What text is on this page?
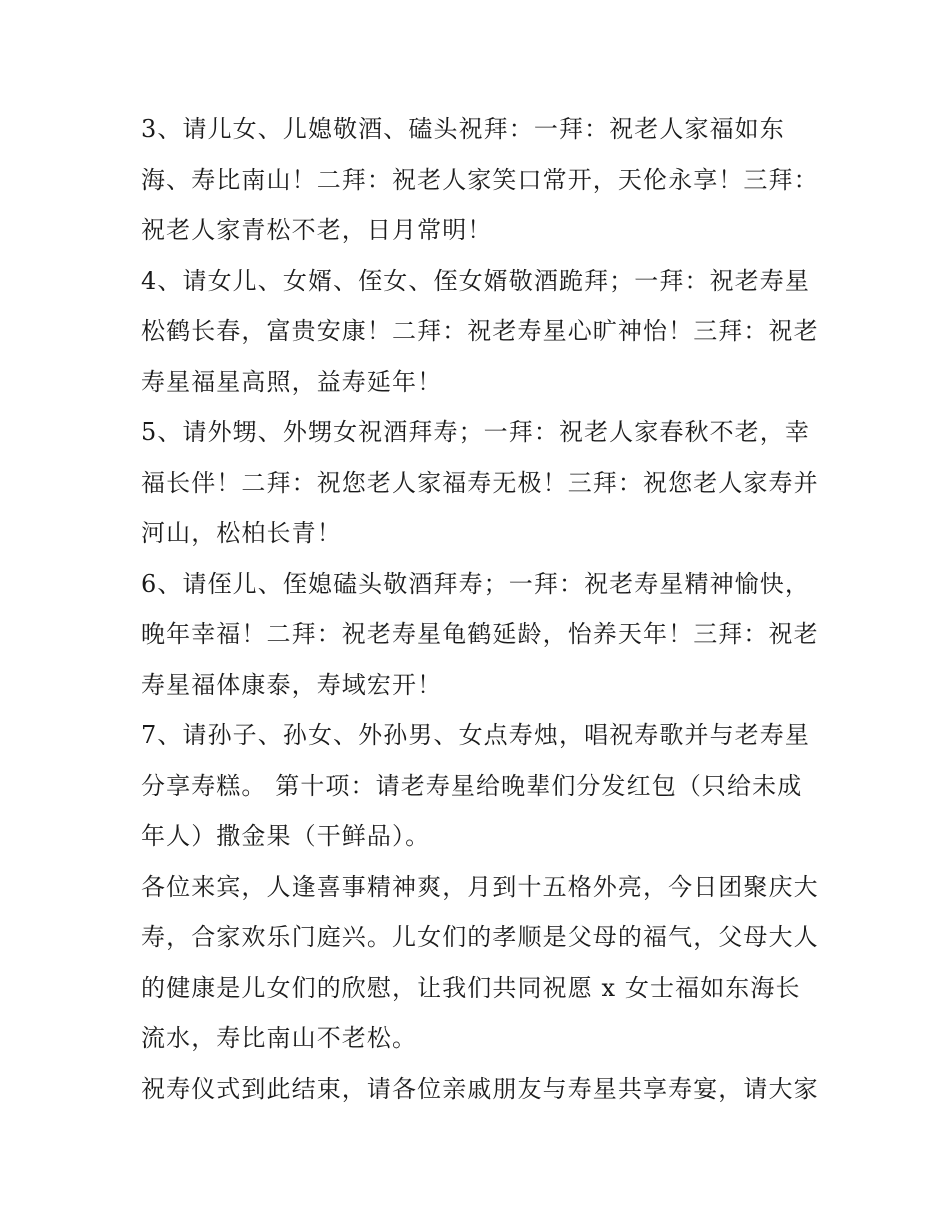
3、请儿女、儿媳敬酒、磕头祝拜：一拜：祝老人家福如东海、寿比南山！二拜：祝老人家笑口常开，天伦永享！三拜：祝老人家青松不老，日月常明！

4、请女儿、女婿、侄女、侄女婿敬酒跪拜；一拜：祝老寿星松鹤长春，富贵安康！二拜：祝老寿星心旷神怡！三拜：祝老寿星福星高照，益寿延年！

5、请外甥、外甥女祝酒拜寿；一拜：祝老人家春秋不老，幸福长伴！二拜：祝您老人家福寿无极！三拜：祝您老人家寿并河山，松柏长青！

6、请侄儿、侄媳磕头敬酒拜寿；一拜：祝老寿星精神愉快，晚年幸福！二拜：祝老寿星龟鹤延龄，怡养天年！三拜：祝老寿星福体康泰，寿域宏开！

7、请孙子、孙女、外孙男、女点寿烛，唱祝寿歌并与老寿星分享寿糕。 第十项：请老寿星给晚辈们分发红包（只给未成年人）撒金果（干鲜品）。

各位来宾，人逢喜事精神爽，月到十五格外亮，今日团聚庆大寿，合家欢乐门庭兴。儿女们的孝顺是父母的福气，父母大人的健康是儿女们的欣慰，让我们共同祝愿 x 女士福如东海长流水，寿比南山不老松。

祝寿仪式到此结束，请各位亲戚朋友与寿星共享寿宴，请大家
